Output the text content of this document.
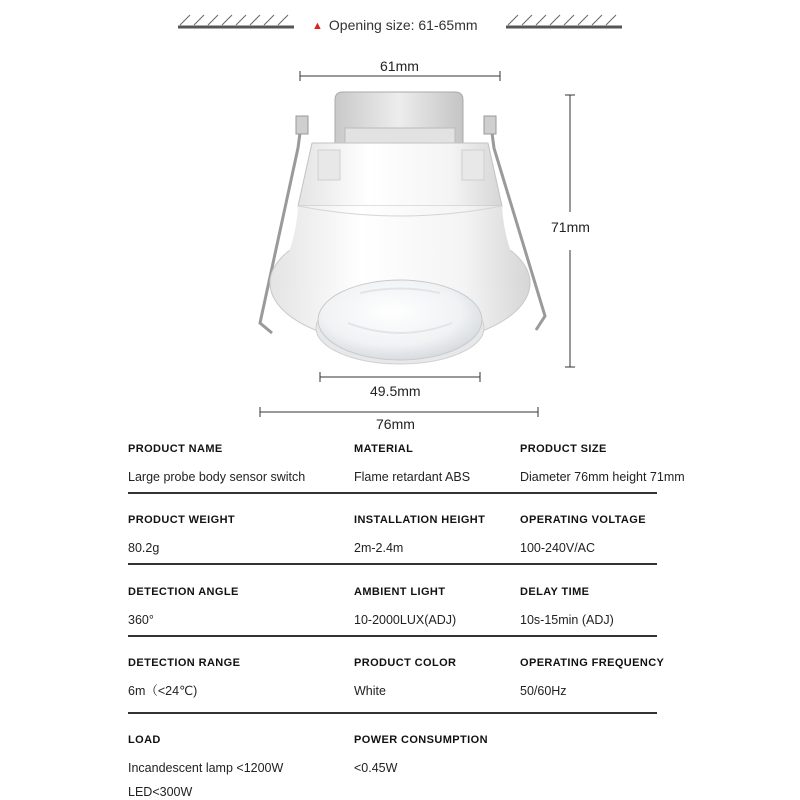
▲ Opening size: 61-65mm
61mm
71mm
49.5mm
76mm
PRODUCT NAME
Large probe body sensor switch
MATERIAL
Flame retardant ABS
PRODUCT SIZE
Diameter 76mm height 71mm
PRODUCT WEIGHT
80.2g
INSTALLATION HEIGHT
2m-2.4m
OPERATING VOLTAGE
100-240V/AC
DETECTION ANGLE
360°
AMBIENT LIGHT
10-2000LUX(ADJ)
DELAY TIME
10s-15min (ADJ)
DETECTION RANGE
6m（<24℃)
PRODUCT COLOR
White
OPERATING FREQUENCY
50/60Hz
LOAD
Incandescent lamp <1200W
LED<300W
POWER CONSUMPTION
<0.45W
